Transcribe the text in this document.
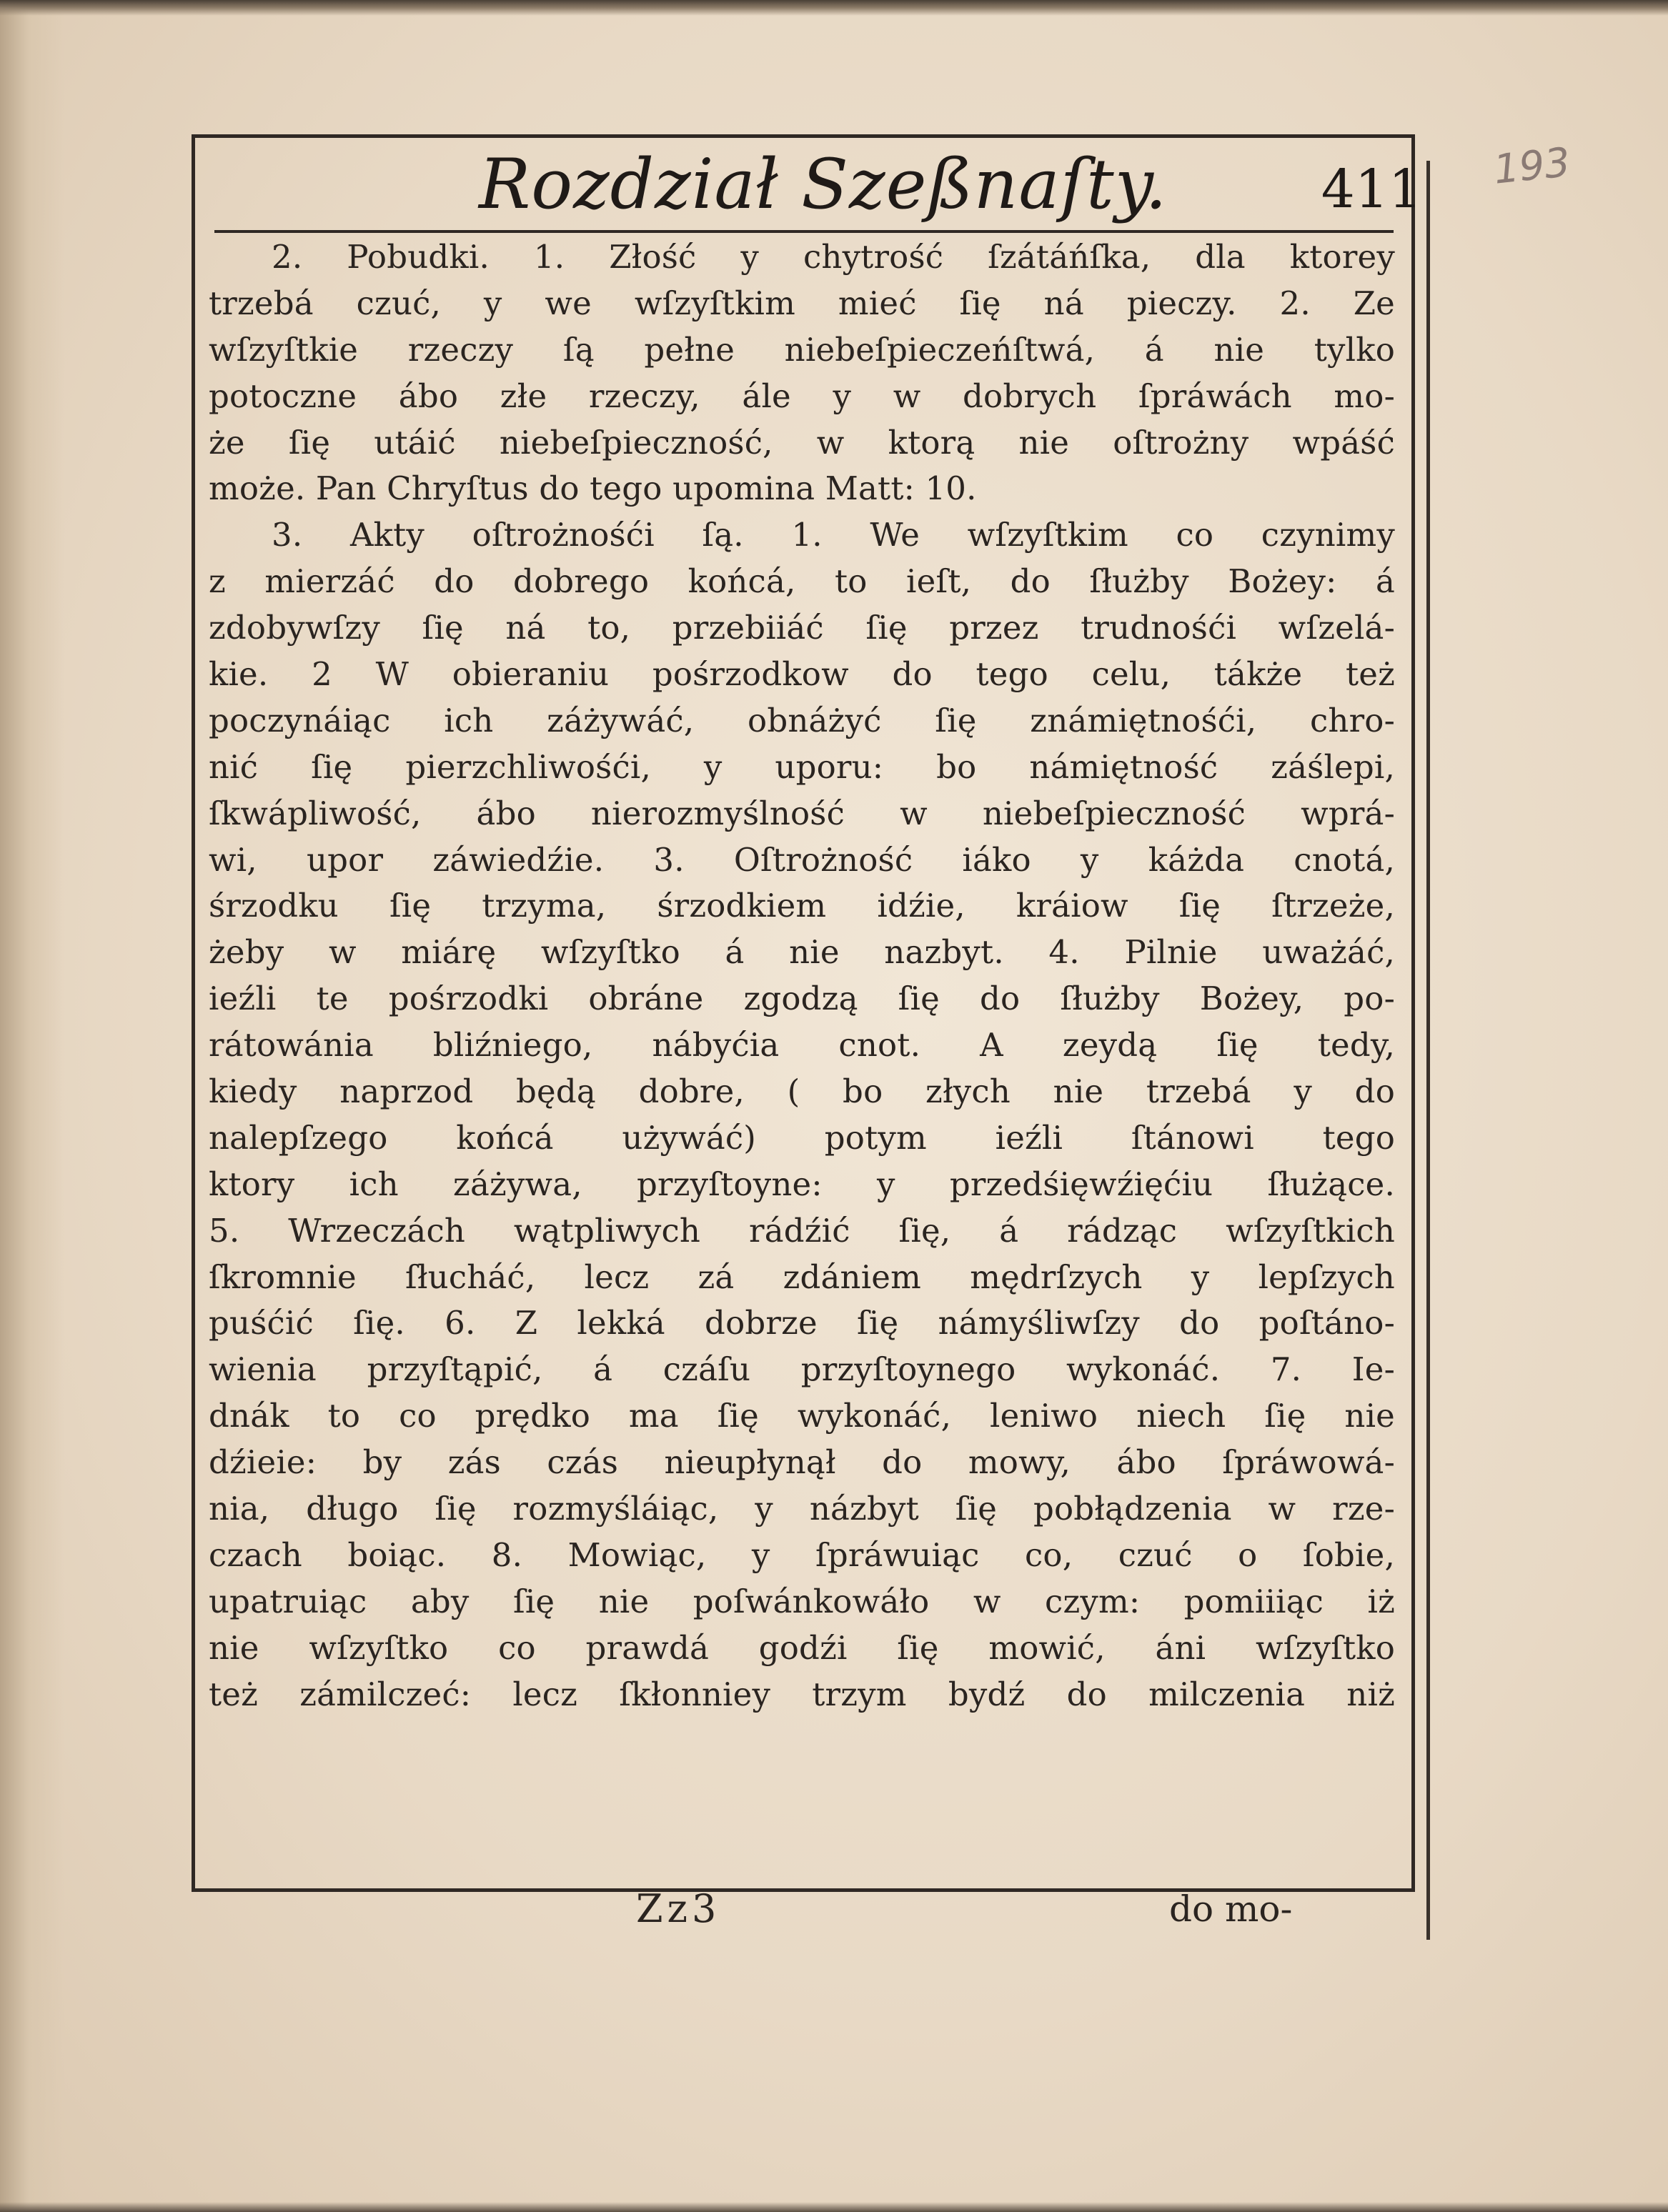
Rozdział Szeßnaſty.	411 193
2. Pobudki. 1. Złość y chytrość ſzátáńſka, dla ktorey
trzebá czuć, y we wſzyſtkim mieć ſię ná pieczy. 2. Ze
wſzyſtkie rzeczy ſą pełne niebeſpieczeńſtwá, á nie tylko
potoczne ábo złe rzeczy, ále y w dobrych ſpráwách mo-
że ſię utáić niebeſpieczność, w ktorą nie oſtrożny wpáść
może. Pan Chryſtus do tego upomina Matt: 10.
3. Akty oſtrożnośći ſą. 1. We wſzyſtkim co czynimy
z mierzáć do dobrego końcá, to ieſt, do ſłużby Bożey: á
zdobywſzy ſię ná to, przebiiáć ſię przez trudnośći wſzelá-
kie. 2 W obieraniu pośrzodkow do tego celu, tákże też
poczynáiąc ich záżywáć, obnáżyć ſię známiętnośći, chro-
nić ſię pierzchliwośći, y uporu: bo námiętność záślepi,
ſkwápliwość, ábo nierozmyślność w niebeſpieczność wprá-
wi, upor záwiedźie. 3. Oſtrożność iáko y káżda cnotá,
śrzodku ſię trzyma, śrzodkiem idźie, kráiow ſię ſtrzeże,
żeby w miárę wſzyſtko á nie nazbyt. 4. Pilnie uważáć,
ieźli te pośrzodki obráne zgodzą ſię do ſłużby Bożey, po-
rátowánia bliźniego, nábyćia cnot. A zeydą ſię tedy,
kiedy naprzod będą dobre, ( bo złych nie trzebá y do
nalepſzego końcá używáć) potym ieźli ſtánowi tego
ktory ich záżywa, przyſtoyne: y przedśięwźięćiu ſłużące.
5. Wrzeczách wątpliwych rádźić ſię, á rádząc wſzyſtkich
ſkromnie ſłucháć, lecz zá zdániem mędrſzych y lepſzych
puśćić ſię. 6. Z lekká dobrze ſię námyśliwſzy do poſtáno-
wienia przyſtąpić, á czáſu przyſtoynego wykonáć. 7. Ie-
dnák to co prędko ma ſię wykonáć, leniwo niech ſię nie
dźieie: by zás czás nieupłynął do mowy, ábo ſpráwowá-
nia, długo ſię rozmyśláiąc, y názbyt ſię pobłądzenia w rze-
czach boiąc. 8. Mowiąc, y ſpráwuiąc co, czuć o ſobie,
upatruiąc aby ſię nie poſwánkowáło w czym: pomiiiąc iż
nie wſzyſtko co prawdá godźi ſię mowić, áni wſzyſtko
też zámilczeć: lecz ſkłonniey trzym bydź do milczenia niż
Zz3	do mo-
